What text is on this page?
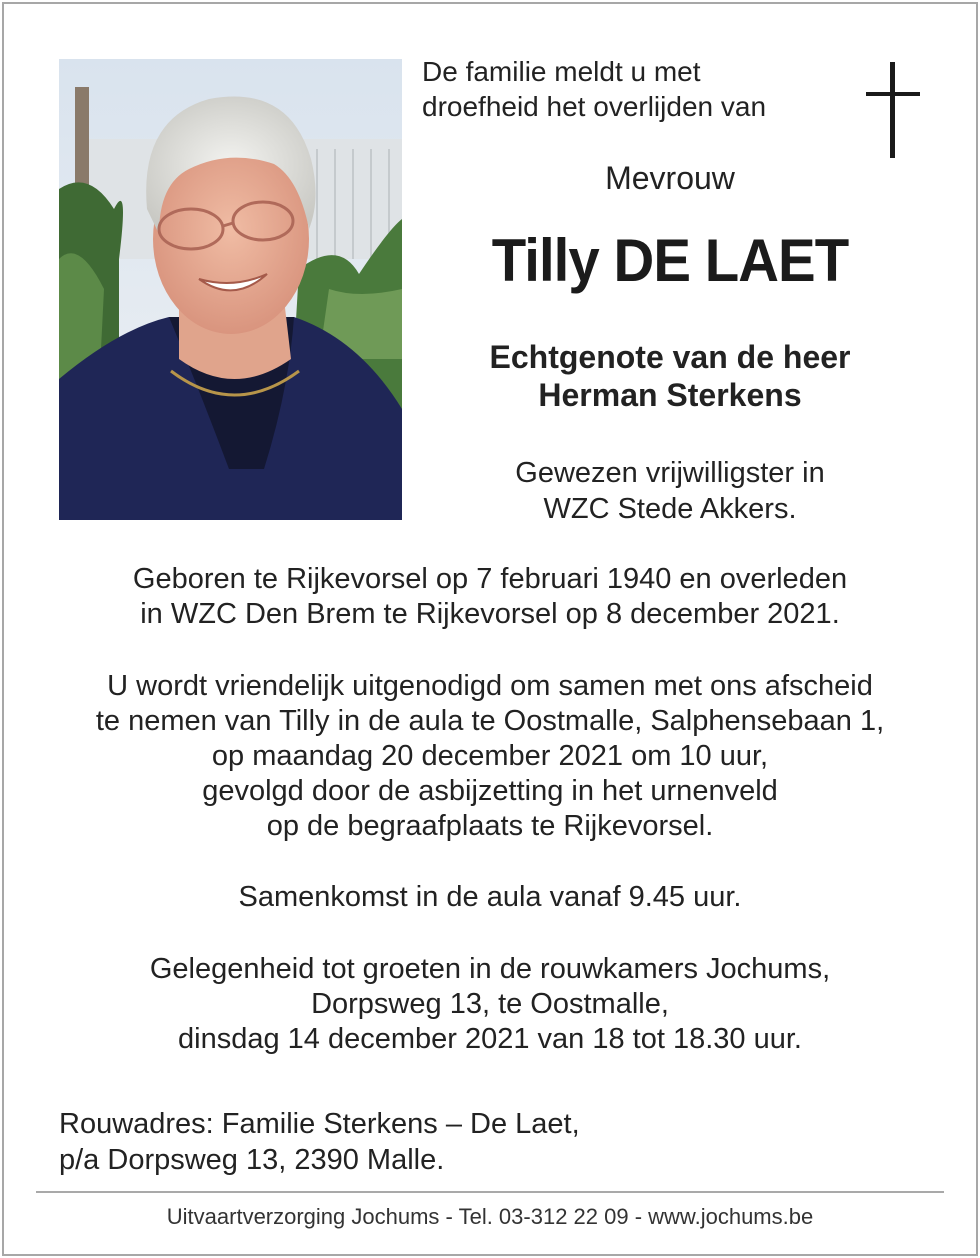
De familie meldt u met
droefheid het overlijden van
Mevrouw
Tilly DE LAET
Echtgenote van de heer
Herman Sterkens
Gewezen vrijwilligster in
WZC Stede Akkers.
Geboren te Rijkevorsel op 7 februari 1940 en overleden
in WZC Den Brem te Rijkevorsel op 8 december 2021.
U wordt vriendelijk uitgenodigd om samen met ons afscheid
te nemen van Tilly in de aula te Oostmalle, Salphensebaan 1,
op maandag 20 december 2021 om 10 uur,
gevolgd door de asbijzetting in het urnenveld
op de begraafplaats te Rijkevorsel.
Samenkomst in de aula vanaf 9.45 uur.
Gelegenheid tot groeten in de rouwkamers Jochums,
Dorpsweg 13, te Oostmalle,
dinsdag 14 december 2021 van 18 tot 18.30 uur.
Rouwadres: Familie Sterkens – De Laet,
p/a Dorpsweg 13, 2390 Malle.
Uitvaartverzorging Jochums - Tel. 03-312 22 09 - www.jochums.be
